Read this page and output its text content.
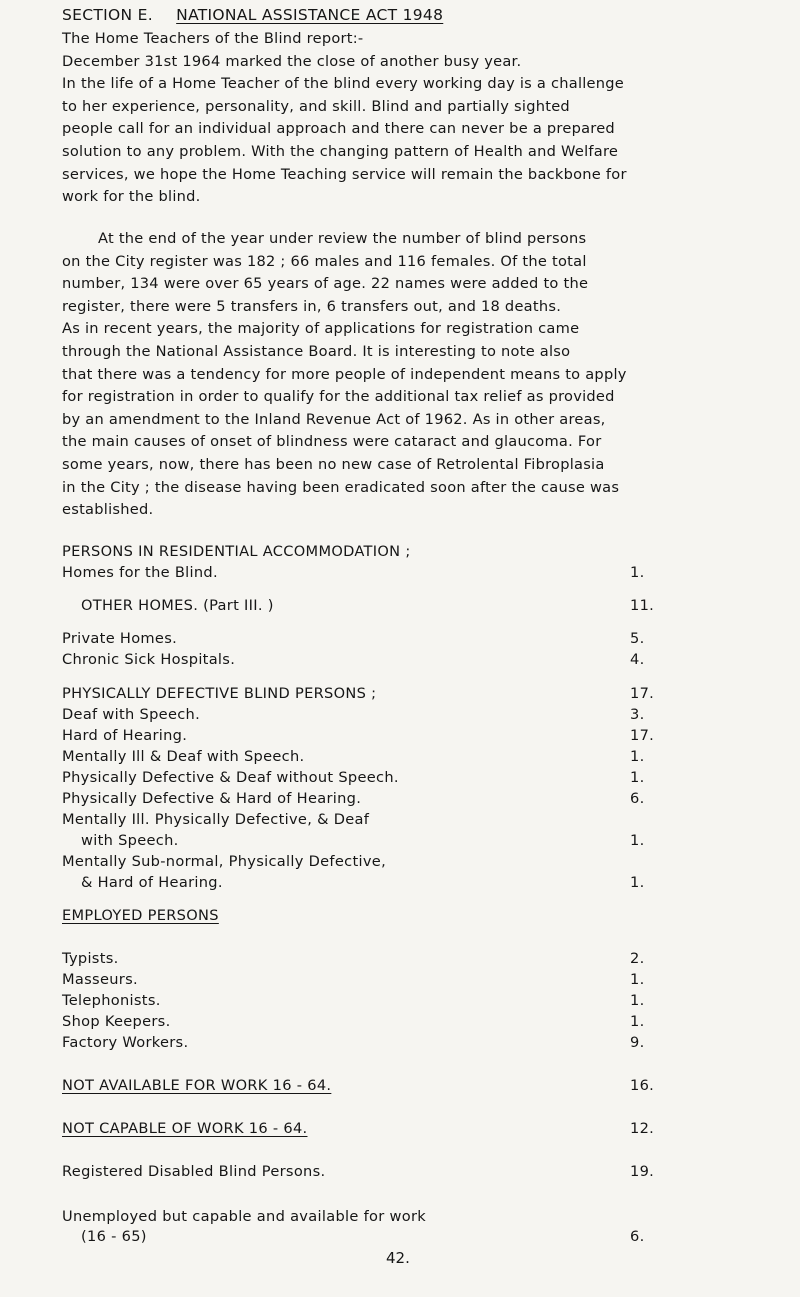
SECTION E. NATIONAL ASSISTANCE ACT 1948

The Home Teachers of the Blind report:-
December 31st 1964 marked the close of another busy year.
In the life of a Home Teacher of the blind every working day is a challenge
to her experience, personality, and skill. Blind and partially sighted
people call for an individual approach and there can never be a prepared
solution to any problem. With the changing pattern of Health and Welfare
services, we hope the Home Teaching service will remain the backbone for
work for the blind.

At the end of the year under review the number of blind persons
on the City register was 182 ; 66 males and 116 females. Of the total
number, 134 were over 65 years of age. 22 names were added to the
register, there were 5 transfers in, 6 transfers out, and 18 deaths.
As in recent years, the majority of applications for registration came
through the National Assistance Board. It is interesting to note also
that there was a tendency for more people of independent means to apply
for registration in order to qualify for the additional tax relief as provided
by an amendment to the Inland Revenue Act of 1962. As in other areas,
the main causes of onset of blindness were cataract and glaucoma. For
some years, now, there has been no new case of Retrolental Fibroplasia
in the City ; the disease having been eradicated soon after the cause was
established.

PERSONS IN RESIDENTIAL ACCOMMODATION ;
Homes for the Blind.	1.
OTHER HOMES. (Part III. )	11.
Private Homes.	5.
Chronic Sick Hospitals.	4.
PHYSICALLY DEFECTIVE BLIND PERSONS ;	17.
Deaf with Speech.	3.
Hard of Hearing.	17.
Mentally Ill & Deaf with Speech.	1.
Physically Defective & Deaf without Speech.	1.
Physically Defective & Hard of Hearing.	6.
Mentally Ill. Physically Defective, & Deaf
with Speech.	1.
Mentally Sub-normal, Physically Defective,
& Hard of Hearing.	1.
EMPLOYED PERSONS
Typists.	2.
Masseurs.	1.
Telephonists.	1.
Shop Keepers.	1.
Factory Workers.	9.
NOT AVAILABLE FOR WORK 16 - 64.	16.
NOT CAPABLE OF WORK 16 - 64.	12.
Registered Disabled Blind Persons.	19.
Unemployed but capable and available for work
(16 - 65)	6.
42.
